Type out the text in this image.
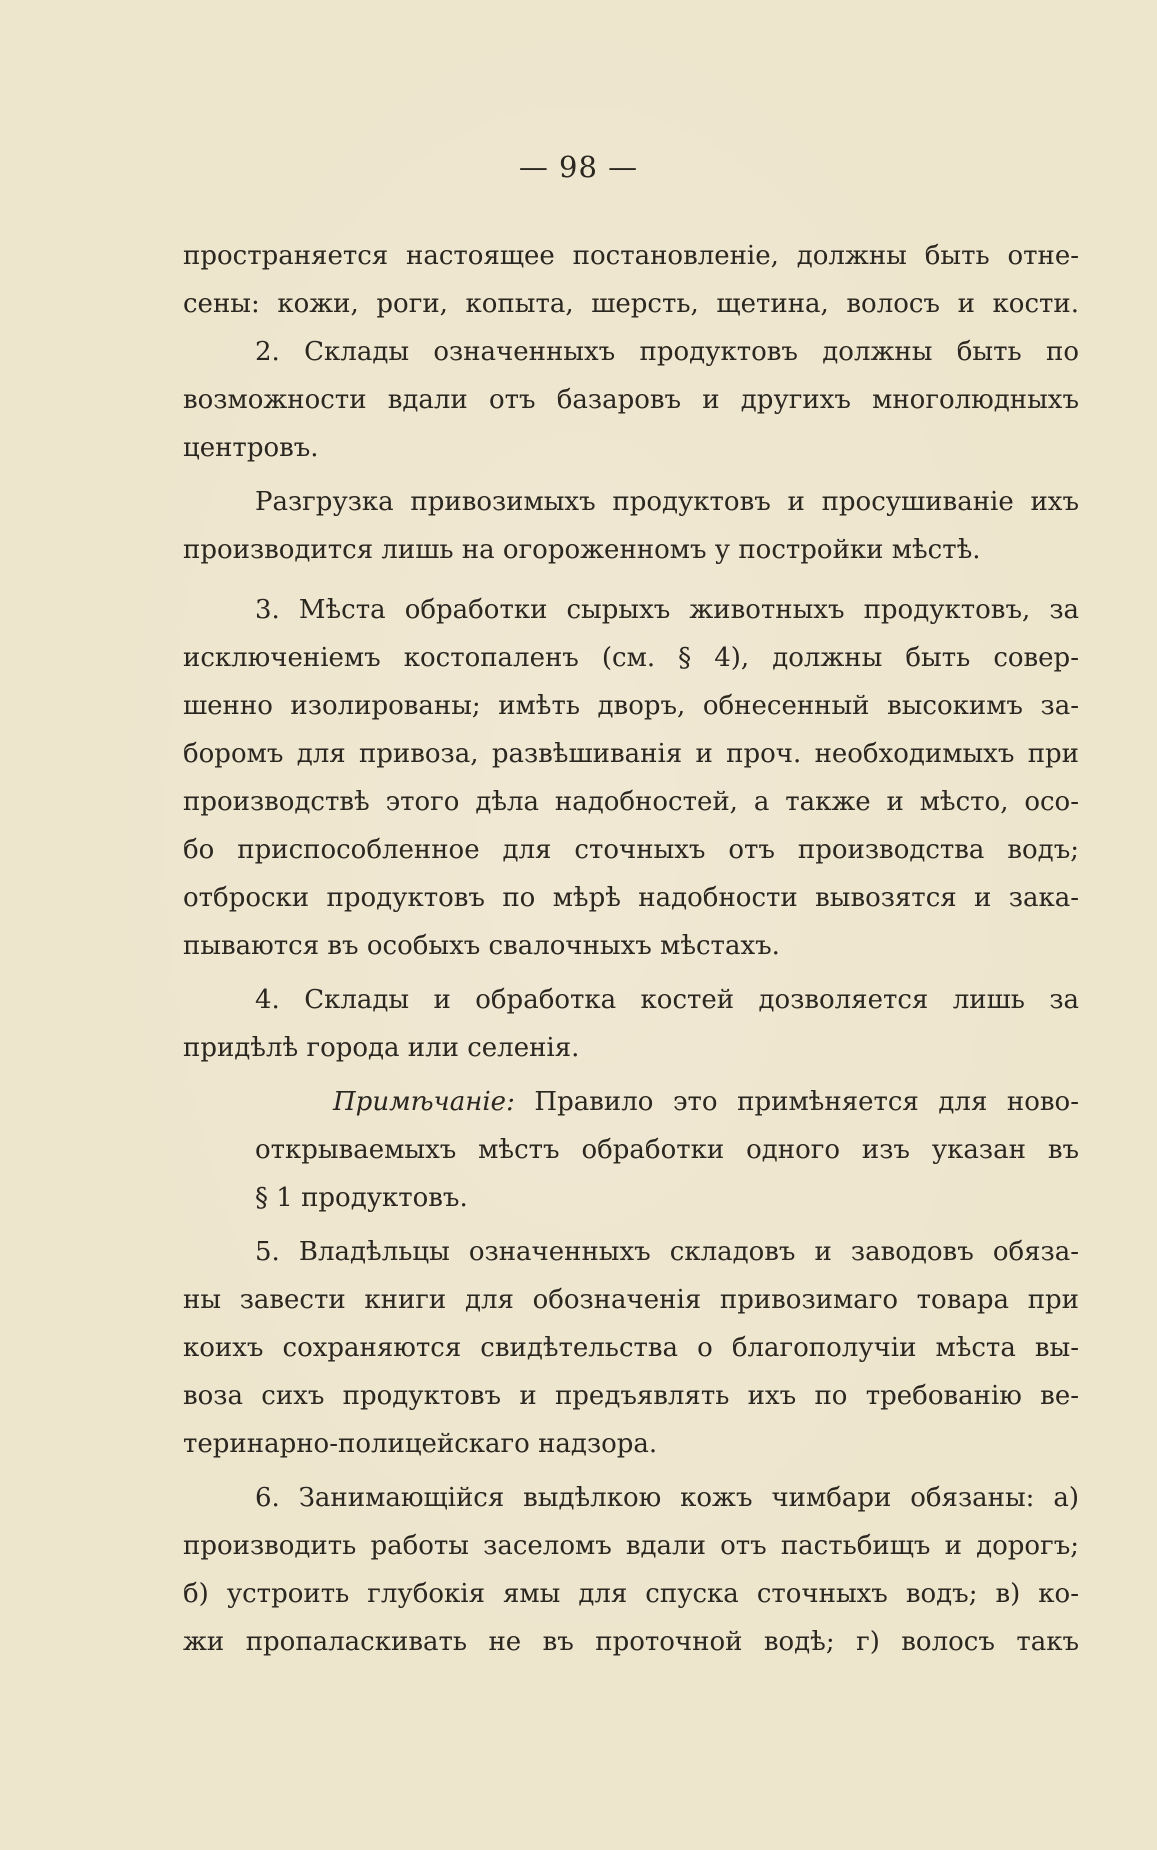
— 98 —
пространяется настоящее постановленіе, должны быть отне-
сены: кожи, роги, копыта, шерсть, щетина, волосъ и кости.
2. Склады означенныхъ продуктовъ должны быть по
возможности вдали отъ базаровъ и другихъ многолюдныхъ
центровъ.
Разгрузка привозимыхъ продуктовъ и просушиваніе ихъ
производится лишь на огороженномъ у постройки мѣстѣ.
3. Мѣста обработки сырыхъ животныхъ продуктовъ, за
исключеніемъ костопаленъ (см. § 4), должны быть совер-
шенно изолированы; имѣть дворъ, обнесенный высокимъ за-
боромъ для привоза, развѣшиванія и проч. необходимыхъ при
производствѣ этого дѣла надобностей, а также и мѣсто, осо-
бо приспособленное для сточныхъ отъ производства водъ;
отброски продуктовъ по мѣрѣ надобности вывозятся и зака-
пываются въ особыхъ свалочныхъ мѣстахъ.
4. Склады и обработка костей дозволяется лишь за
придѣлѣ города или селенія.
Примѣчаніе: Правило это примѣняется для ново-
открываемыхъ мѣстъ обработки одного изъ указан въ
§ 1 продуктовъ.
5. Владѣльцы означенныхъ складовъ и заводовъ обяза-
ны завести книги для обозначенія привозимаго товара при
коихъ сохраняются свидѣтельства о благополучіи мѣста вы-
воза сихъ продуктовъ и предъявлять ихъ по требованію ве-
теринарно-полицейскаго надзора.
6. Занимающійся выдѣлкою кожъ чимбари обязаны: а)
производить работы заселомъ вдали отъ пастьбищъ и дорогъ;
б) устроить глубокія ямы для спуска сточныхъ водъ; в) ко-
жи пропаласкивать не въ проточной водѣ; г) волосъ такъ
